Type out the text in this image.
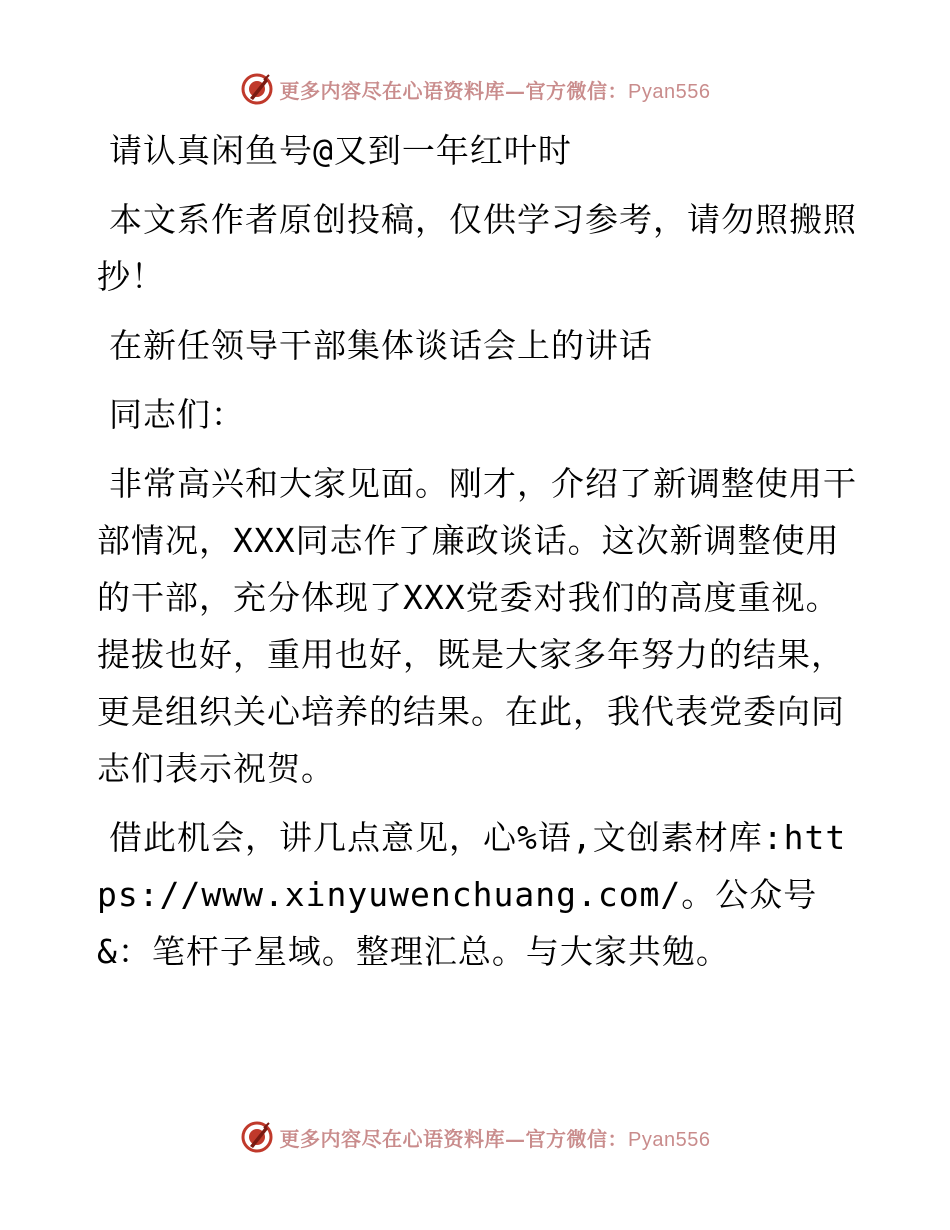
更多内容尽在心语资料库—官方微信：Pyan556

请认真闲鱼号@又到一年红叶时

本文系作者原创投稿，仅供学习参考，请勿照搬照抄！

在新任领导干部集体谈话会上的讲话

同志们：

非常高兴和大家见面。刚才，介绍了新调整使用干部情况，XXX同志作了廉政谈话。这次新调整使用的干部，充分体现了XXX党委对我们的高度重视。提拔也好，重用也好，既是大家多年努力的结果，更是组织关心培养的结果。在此，我代表党委向同志们表示祝贺。

借此机会，讲几点意见，心%语,文创素材库:https://www.xinyuwenchuang.com/。公众号&：笔杆子星域。整理汇总。与大家共勉。

更多内容尽在心语资料库—官方微信：Pyan556
